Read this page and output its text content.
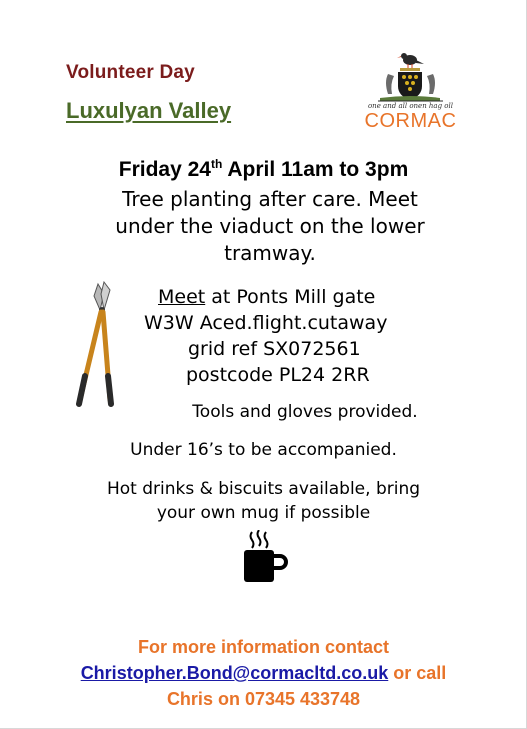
Volunteer Day
Luxulyan Valley	one and all onen hag oll
CORMAC
Friday 24th April 11am to 3pm
Tree planting after care. Meet
under the viaduct on the lower
tramway.
Meet at Ponts Mill gate
W3W Aced.flight.cutaway
grid ref SX072561
postcode PL24 2RR
Tools and gloves provided.
Under 16’s to be accompanied.
Hot drinks & biscuits available, bring
your own mug if possible
For more information contact
Christopher.Bond@cormacltd.co.uk or call
Chris on 07345 433748
